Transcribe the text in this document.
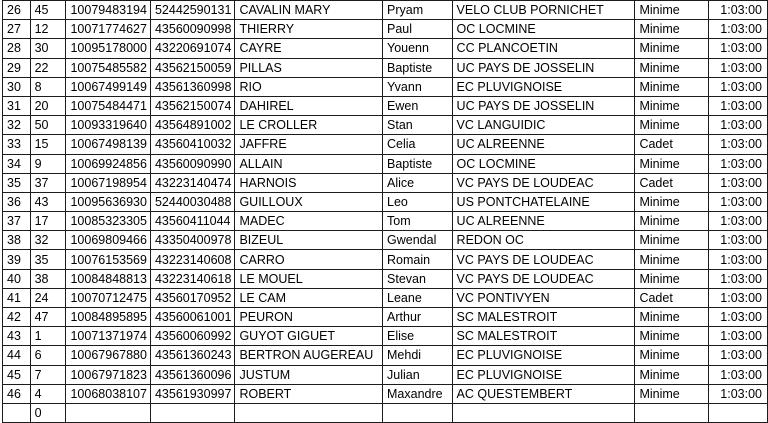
26	45	10079483194	52442590131	CAVALIN MARY	Pryam	VELO CLUB PORNICHET	Minime	1:03:00
27	12	10071774627	43560090998	THIERRY	Paul	OC LOCMINE	Minime	1:03:00
28	30	10095178000	43220691074	CAYRE	Youenn	CC PLANCOETIN	Minime	1:03:00
29	22	10075485582	43562150059	PILLAS	Baptiste	UC PAYS DE JOSSELIN	Minime	1:03:00
30	8	10067499149	43561360998	RIO	Yvann	EC PLUVIGNOISE	Minime	1:03:00
31	20	10075484471	43562150074	DAHIREL	Ewen	UC PAYS DE JOSSELIN	Minime	1:03:00
32	50	10093319640	43564891002	LE CROLLER	Stan	VC LANGUIDIC	Minime	1:03:00
33	15	10067498139	43560410032	JAFFRE	Celia	UC ALREENNE	Cadet	1:03:00
34	9	10069924856	43560090990	ALLAIN	Baptiste	OC LOCMINE	Minime	1:03:00
35	37	10067198954	43223140474	HARNOIS	Alice	VC PAYS DE LOUDEAC	Cadet	1:03:00
36	43	10095636930	52440030488	GUILLOUX	Leo	US PONTCHATELAINE	Minime	1:03:00
37	17	10085323305	43560411044	MADEC	Tom	UC ALREENNE	Minime	1:03:00
38	32	10069809466	43350400978	BIZEUL	Gwendal	REDON OC	Minime	1:03:00
39	35	10076153569	43223140608	CARRO	Romain	VC PAYS DE LOUDEAC	Minime	1:03:00
40	38	10084848813	43223140618	LE MOUEL	Stevan	VC PAYS DE LOUDEAC	Minime	1:03:00
41	24	10070712475	43560170952	LE CAM	Leane	VC PONTIVYEN	Cadet	1:03:00
42	47	10084895895	43560061001	PEURON	Arthur	SC MALESTROIT	Minime	1:03:00
43	1	10071371974	43560060992	GUYOT GIGUET	Elise	SC MALESTROIT	Minime	1:03:00
44	6	10067967880	43561360243	BERTRON AUGEREAU	Mehdi	EC PLUVIGNOISE	Minime	1:03:00
45	7	10067971823	43561360096	JUSTUM	Julian	EC PLUVIGNOISE	Minime	1:03:00
46	4	10068038107	43561930997	ROBERT	Maxandre	AC QUESTEMBERT	Minime	1:03:00
	0							
